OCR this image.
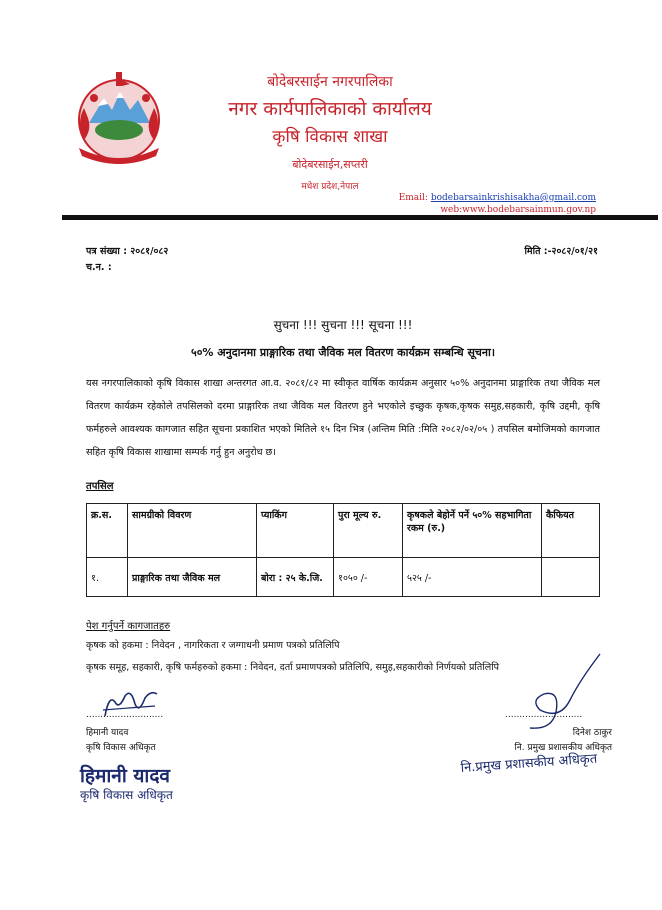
बोदेबरसाईन नगरपालिका
नगर कार्यपालिकाको कार्यालय
कृषि विकास शाखा
बोदेबरसाईन,सप्तरी
मधेश प्रदेश,नेपाल
Email: bodebarsainkrishisakha@gmail.com
web:www.bodebarsainmun.gov.np
पत्र संख्या : २०८१/०८२
च.न. :
मिति :-२०८२/०१/२१
सुचना !!! सुचना !!! सूचना !!!
५०% अनुदानमा प्राङ्गारिक तथा जैविक मल वितरण कार्यक्रम सम्बन्धि सूचना।
यस नगरपालिकाको कृषि विकास शाखा अन्तरगत आ.व. २०८१/८२ मा स्वीकृत वार्षिक कार्यक्रम अनुसार ५०% अनुदानमा प्राङ्गारिक तथा जैविक मल वितरण कार्यक्रम रहेकोले तपसिलको दरमा प्राङ्गारिक तथा जैविक मल वितरण हुने भएकोले इच्छुक कृषक,कृषक समुह,सहकारी, कृषि उद्दमी, कृषि फर्महरुले आवश्यक कागजात सहित सूचना प्रकाशित भएको मितिले १५ दिन भित्र (अन्तिम मिति :मिति २०८२/०२/०५ ) तपसिल बमोजिमको कागजात सहित कृषि विकास शाखामा सम्पर्क गर्नु हुन अनुरोध छ।
तपसिल
क्र.स.	सामग्रीको विवरण	प्याकिंग	पुरा मूल्य रु.	कृषकले बेहोर्ने पर्ने ५०% सहभागिता रकम (रु.)	कैफियत
१.	प्राङ्गारिक तथा जैविक मल	बोरा : २५ के.जि.	१०५० /-	५२५ /-	
पेश गर्नुपर्ने कागजातहरु
कृषक को हकमा : निवेदन , नागरिकता र जग्गाधनी प्रमाण पत्रको प्रतिलिपि
कृषक समूह, सहकारी, कृषि फर्महरुको हकमा : निवेदन, दर्ता प्रमाणपत्रको प्रतिलिपि, समुह,सहकारीको निर्णयको प्रतिलिपि
...........................
हिमानी यादव
कृषि विकास अधिकृत
हिमानी यादव
कृषि विकास अधिकृत
...........................
दिनेश ठाकुर
नि. प्रमुख प्रशासकीय अधिकृत
नि.प्रमुख प्रशासकीय अधिकृत
